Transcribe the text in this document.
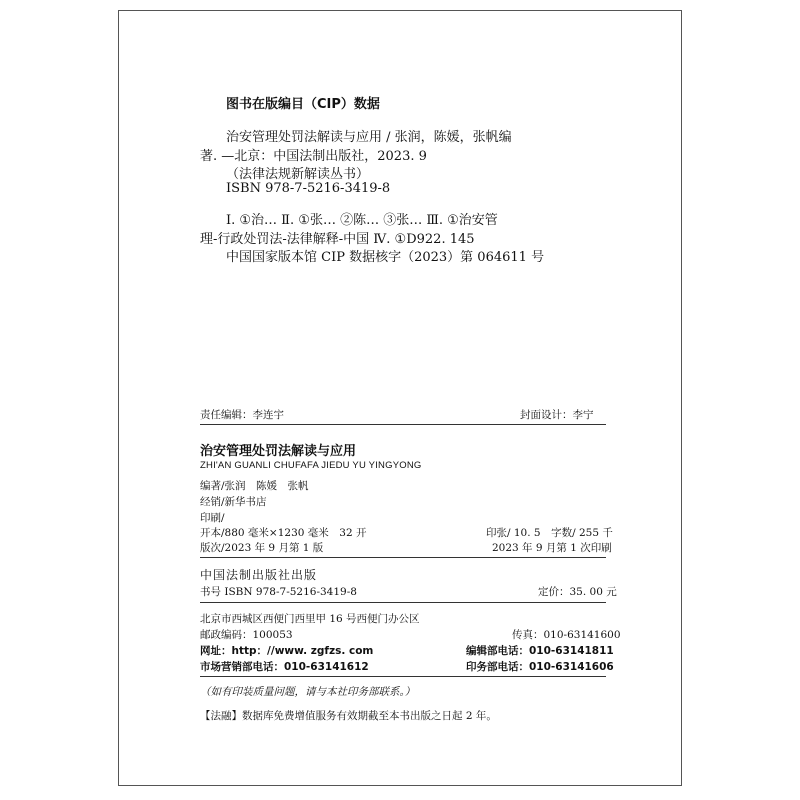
图书在版编目（CIP）数据
治安管理处罚法解读与应用 / 张润，陈媛，张帆编
著. —北京：中国法制出版社，2023. 9
（法律法规新解读丛书）
ISBN 978-7-5216-3419-8
Ⅰ. ①治… Ⅱ. ①张… ②陈… ③张… Ⅲ. ①治安管
理-行政处罚法-法律解释-中国 Ⅳ. ①D922. 145
中国国家版本馆 CIP 数据核字（2023）第 064611 号
责任编辑：李连宇	封面设计：李宁
治安管理处罚法解读与应用
ZHI'AN GUANLI CHUFAFA JIEDU YU YINGYONG
编著/张润　陈媛　张帆
经销/新华书店
印刷/
开本/880 毫米×1230 毫米　32 开	印张/ 10. 5　字数/ 255 千
版次/2023 年 9 月第 1 版	2023 年 9 月第 1 次印刷
中国法制出版社出版
书号 ISBN 978-7-5216-3419-8	定价：35. 00 元
北京市西城区西便门西里甲 16 号西便门办公区
邮政编码：100053	传真：010-63141600
网址：http：//www. zgfzs. com	编辑部电话：010-63141811
市场营销部电话：010-63141612	印务部电话：010-63141606
（如有印装质量问题，请与本社印务部联系。）
【法融】数据库免费增值服务有效期截至本书出版之日起 2 年。
